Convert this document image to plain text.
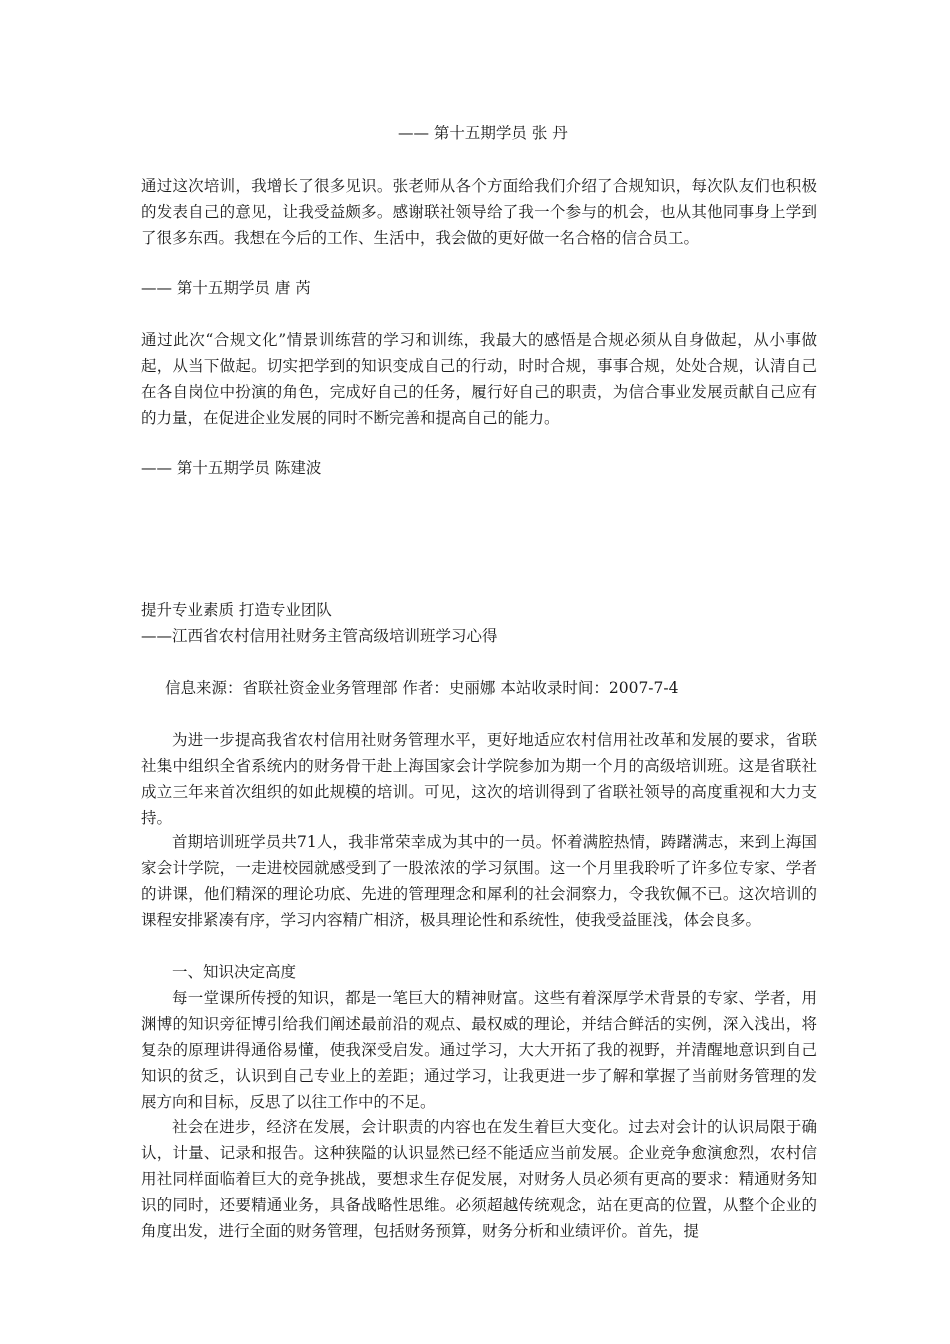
—— 第十五期学员 张 丹
通过这次培训，我增长了很多见识。张老师从各个方面给我们介绍了合规知识，每次队友们也积极的发表自己的意见，让我受益颇多。感谢联社领导给了我一个参与的机会，也从其他同事身上学到了很多东西。我想在今后的工作、生活中，我会做的更好做一名合格的信合员工。
—— 第十五期学员 唐 芮
通过此次“合规文化”情景训练营的学习和训练，我最大的感悟是合规必须从自身做起，从小事做起，从当下做起。切实把学到的知识变成自己的行动，时时合规，事事合规，处处合规，认清自己在各自岗位中扮演的角色，完成好自己的任务，履行好自己的职责，为信合事业发展贡献自己应有的力量，在促进企业发展的同时不断完善和提高自己的能力。
—— 第十五期学员 陈建波
提升专业素质 打造专业团队
——江西省农村信用社财务主管高级培训班学习心得
信息来源：省联社资金业务管理部 作者：史丽娜 本站收录时间：2007-7-4
为进一步提高我省农村信用社财务管理水平，更好地适应农村信用社改革和发展的要求，省联社集中组织全省系统内的财务骨干赴上海国家会计学院参加为期一个月的高级培训班。这是省联社成立三年来首次组织的如此规模的培训。可见，这次的培训得到了省联社领导的高度重视和大力支持。
首期培训班学员共71人，我非常荣幸成为其中的一员。怀着满腔热情，踌躇满志，来到上海国家会计学院，一走进校园就感受到了一股浓浓的学习氛围。这一个月里我聆听了许多位专家、学者的讲课，他们精深的理论功底、先进的管理理念和犀利的社会洞察力，令我钦佩不已。这次培训的课程安排紧凑有序，学习内容精广相济，极具理论性和系统性，使我受益匪浅，体会良多。
一、知识决定高度
每一堂课所传授的知识，都是一笔巨大的精神财富。这些有着深厚学术背景的专家、学者，用渊博的知识旁征博引给我们阐述最前沿的观点、最权威的理论，并结合鲜活的实例，深入浅出，将复杂的原理讲得通俗易懂，使我深受启发。通过学习，大大开拓了我的视野，并清醒地意识到自己知识的贫乏，认识到自己专业上的差距；通过学习，让我更进一步了解和掌握了当前财务管理的发展方向和目标，反思了以往工作中的不足。
社会在进步，经济在发展，会计职责的内容也在发生着巨大变化。过去对会计的认识局限于确认，计量、记录和报告。这种狭隘的认识显然已经不能适应当前发展。企业竞争愈演愈烈，农村信用社同样面临着巨大的竞争挑战，要想求生存促发展，对财务人员必须有更高的要求：精通财务知识的同时，还要精通业务，具备战略性思维。必须超越传统观念，站在更高的位置，从整个企业的角度出发，进行全面的财务管理，包括财务预算，财务分析和业绩评价。首先，提
